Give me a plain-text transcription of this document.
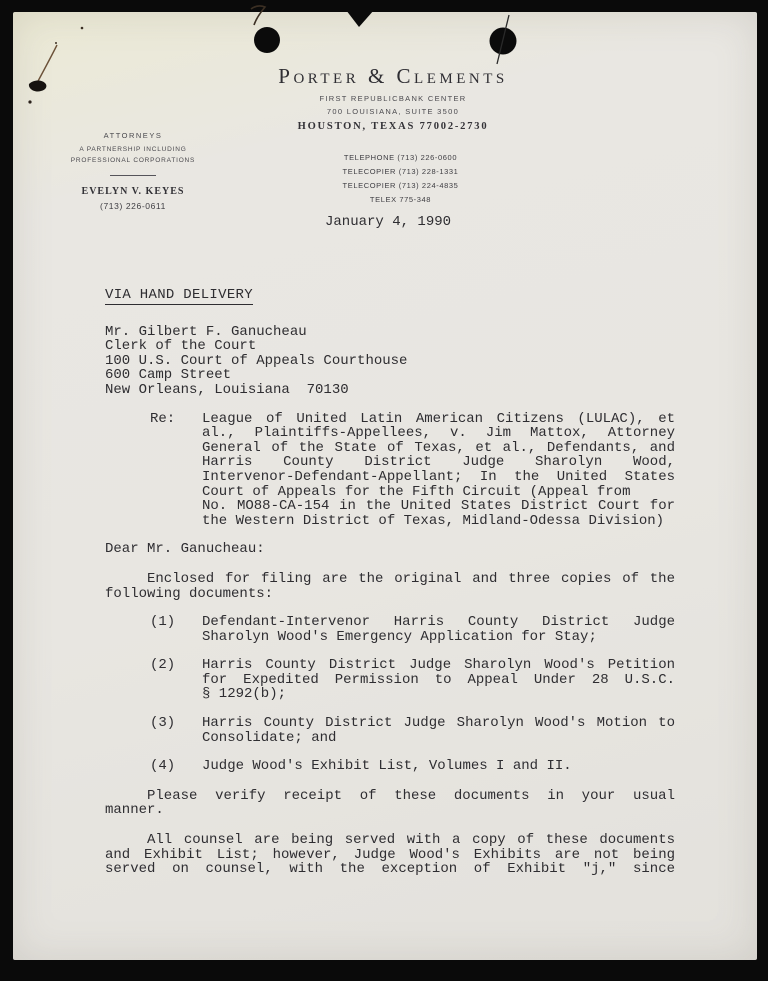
Porter & Clements
FIRST REPUBLICBANK CENTER
700 LOUISIANA, SUITE 3500
HOUSTON, TEXAS 77002-2730
ATTORNEYS
A PARTNERSHIP INCLUDING
PROFESSIONAL CORPORATIONS
EVELYN V. KEYES
(713) 226-0611
TELEPHONE (713) 226-0600
TELECOPIER (713) 228-1331
TELECOPIER (713) 224-4835
TELEX 775-348
January 4, 1990
VIA HAND DELIVERY
Mr. Gilbert F. Ganucheau
Clerk of the Court
100 U.S. Court of Appeals Courthouse
600 Camp Street
New Orleans, Louisiana  70130
Re:	League of United Latin American Citizens (LULAC), et
al., Plaintiffs-Appellees, v. Jim Mattox, Attorney
General of the State of Texas, et al., Defendants, and
Harris County District Judge Sharolyn Wood,
Intervenor-Defendant-Appellant; In the United States
Court of Appeals for the Fifth Circuit (Appeal from
No. MO88-CA-154 in the United States District Court for
the Western District of Texas, Midland-Odessa Division)
Dear Mr. Ganucheau:
Enclosed for filing are the original and three copies of the
following documents:
(1)	Defendant-Intervenor Harris County District Judge
Sharolyn Wood's Emergency Application for Stay;
(2)	Harris County District Judge Sharolyn Wood's Petition
for Expedited Permission to Appeal Under 28 U.S.C.
§ 1292(b);
(3)	Harris County District Judge Sharolyn Wood's Motion to
Consolidate; and
(4)	Judge Wood's Exhibit List, Volumes I and II.
Please verify receipt of these documents in your usual
manner.
All counsel are being served with a copy of these documents
and Exhibit List; however, Judge Wood's Exhibits are not being
served on counsel, with the exception of Exhibit "j," since
